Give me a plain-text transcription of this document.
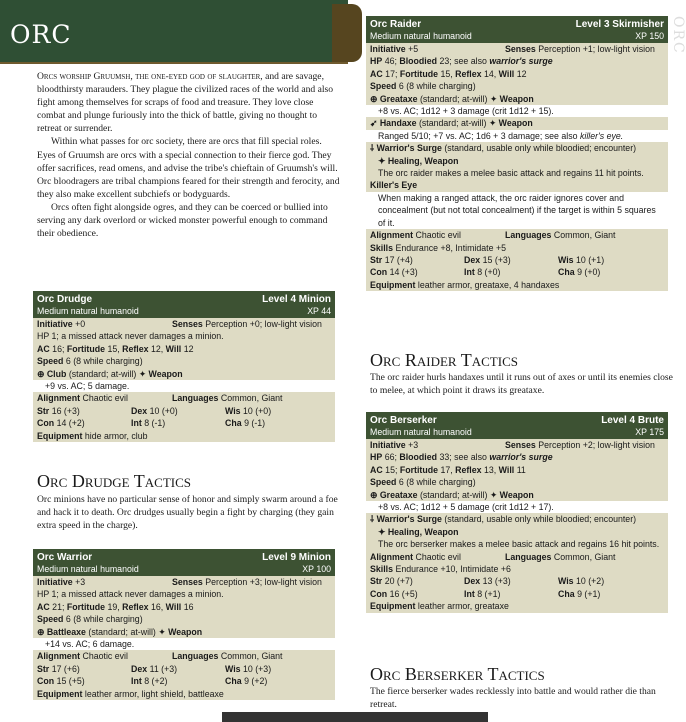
ORC	ORC

Orcs worship Gruumsh, the one-eyed god of slaughter, and are savage, bloodthirsty marauders. They plague the civilized races of the world and also fight among themselves for scraps of food and treasure. They love close combat and plunge furiously into the thick of battle, giving no thought to retreat or surrender.

Within what passes for orc society, there are orcs that fill special roles. Eyes of Gruumsh are orcs with a special connection to their fierce god. They offer sacrifices, read omens, and advise the tribe's chieftain of Gruumsh's will. Orc bloodragers are tribal champions feared for their strength and ferocity, and they also make excellent subchiefs or bodyguards.

Orcs often fight alongside ogres, and they can be coerced or bullied into serving any dark overlord or wicked monster powerful enough to command their obedience.

Orc Drudge	Level 4 Minion
Medium natural humanoid	XP 44
Initiative +0	Senses Perception +0; low-light vision
HP 1; a missed attack never damages a minion.
AC 16; Fortitude 15, Reflex 12, Will 12
Speed 6 (8 while charging)
⊕ Club (standard; at-will) ✦ Weapon
+9 vs. AC; 5 damage.
Alignment Chaotic evil	Languages Common, Giant
Str 16 (+3)	Dex 10 (+0)	Wis 10 (+0)
Con 14 (+2)	Int 8 (-1)	Cha 9 (-1)
Equipment hide armor, club
Orc Drudge Tactics
Orc minions have no particular sense of honor and simply swarm around a foe and hack it to death. Orc drudges usually begin a fight by charging (they gain extra speed in the charge).
Orc Warrior	Level 9 Minion
Medium natural humanoid	XP 100
Initiative +3	Senses Perception +3; low-light vision
HP 1; a missed attack never damages a minion.
AC 21; Fortitude 19, Reflex 16, Will 16
Speed 6 (8 while charging)
⊕ Battleaxe (standard; at-will) ✦ Weapon
+14 vs. AC; 6 damage.
Alignment Chaotic evil	Languages Common, Giant
Str 17 (+6)	Dex 11 (+3)	Wis 10 (+3)
Con 15 (+5)	Int 8 (+2)	Cha 9 (+2)
Equipment leather armor, light shield, battleaxe
Orc Raider	Level 3 Skirmisher
Medium natural humanoid	XP 150
Initiative +5	Senses Perception +1; low-light vision
HP 46; Bloodied 23; see also warrior's surge
AC 17; Fortitude 15, Reflex 14, Will 12
Speed 6 (8 while charging)
⊕ Greataxe (standard; at-will) ✦ Weapon
+8 vs. AC; 1d12 + 3 damage (crit 1d12 + 15).
➹ Handaxe (standard; at-will) ✦ Weapon
Ranged 5/10; +7 vs. AC; 1d6 + 3 damage; see also killer's eye.
⸸ Warrior's Surge (standard, usable only while bloodied; encounter)
✦ Healing, Weapon
The orc raider makes a melee basic attack and regains 11 hit points.
Killer's Eye
When making a ranged attack, the orc raider ignores cover and concealment (but not total concealment) if the target is within 5 squares of it.
Alignment Chaotic evil	Languages Common, Giant
Skills Endurance +8, Intimidate +5
Str 17 (+4)	Dex 15 (+3)	Wis 10 (+1)
Con 14 (+3)	Int 8 (+0)	Cha 9 (+0)
Equipment leather armor, greataxe, 4 handaxes
Orc Raider Tactics
The orc raider hurls handaxes until it runs out of axes or until its enemies close to melee, at which point it draws its greataxe.
Orc Berserker	Level 4 Brute
Medium natural humanoid	XP 175
Initiative +3	Senses Perception +2; low-light vision
HP 66; Bloodied 33; see also warrior's surge
AC 15; Fortitude 17, Reflex 13, Will 11
Speed 6 (8 while charging)
⊕ Greataxe (standard; at-will) ✦ Weapon
+8 vs. AC; 1d12 + 5 damage (crit 1d12 + 17).
⸸ Warrior's Surge (standard, usable only while bloodied; encounter)
✦ Healing, Weapon
The orc berserker makes a melee basic attack and regains 16 hit points.
Alignment Chaotic evil	Languages Common, Giant
Skills Endurance +10, Intimidate +6
Str 20 (+7)	Dex 13 (+3)	Wis 10 (+2)
Con 16 (+5)	Int 8 (+1)	Cha 9 (+1)
Equipment leather armor, greataxe
Orc Berserker Tactics
The fierce berserker wades recklessly into battle and would rather die than retreat.
